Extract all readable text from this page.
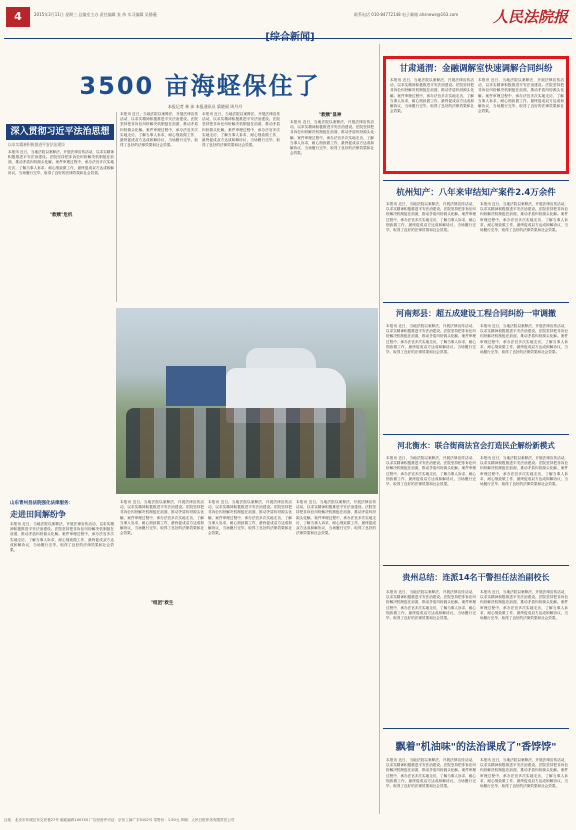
4	2015年3月11日 星期三 总编室主办 责任编辑 张 伟 实习编辑 吴静薇	联系电话 010-84772148 电子邮箱 ahsnews@163.com 人民法院报
3500 亩海蛏保住了
本报记者 林 沛 本报通讯员 梁晓丽 周丹丹
深入贯彻习近平法治思想
以求实精神积极推进平安法治建设
本报讯 近日，当地法院以案释法，开展法律宣传活动，以求实精神积极推进平安法治建设。法院坚持把非诉讼纠纷解决机制挺在前面，推动矛盾纠纷源头化解。案件审理过程中，承办法官多次实地走访，了解当事人诉求，耐心细致做工作，最终促成双方达成和解协议，当场履行完毕，取得了良好的法律效果和社会效果。
"救赎"危机
本报讯 近日，当地法院以案释法，开展法律宣传活动，以求实精神积极推进平安法治建设。法院坚持把非诉讼纠纷解决机制挺在前面，推动矛盾纠纷源头化解。案件审理过程中，承办法官多次实地走访，了解当事人诉求，耐心细致做工作，最终促成双方达成和解协议，当场履行完毕，取得了良好的法律效果和社会效果。
本报讯 近日，当地法院以案释法，开展法律宣传活动，以求实精神积极推进平安法治建设。法院坚持把非诉讼纠纷解决机制挺在前面，推动矛盾纠纷源头化解。案件审理过程中，承办法官多次实地走访，了解当事人诉求，耐心细致做工作，最终促成双方达成和解协议，当场履行完毕，取得了良好的法律效果和社会效果。
"救赎"显神
本报讯 近日，当地法院以案释法，开展法律宣传活动，以求实精神积极推进平安法治建设。法院坚持把非诉讼纠纷解决机制挺在前面，推动矛盾纠纷源头化解。案件审理过程中，承办法官多次实地走访，了解当事人诉求，耐心细致做工作，最终促成双方达成和解协议，当场履行完毕，取得了良好的法律效果和社会效果。
山东青州县法院强化法律服务：
走进田间解纷争
本报讯 近日，当地法院以案释法，开展法律宣传活动，以求实精神积极推进平安法治建设。法院坚持把非诉讼纠纷解决机制挺在前面，推动矛盾纠纷源头化解。案件审理过程中，承办法官多次实地走访，了解当事人诉求，耐心细致做工作，最终促成双方达成和解协议，当场履行完毕，取得了良好的法律效果和社会效果。
本报讯 近日，当地法院以案释法，开展法律宣传活动，以求实精神积极推进平安法治建设。法院坚持把非诉讼纠纷解决机制挺在前面，推动矛盾纠纷源头化解。案件审理过程中，承办法官多次实地走访，了解当事人诉求，耐心细致做工作，最终促成双方达成和解协议，当场履行完毕，取得了良好的法律效果和社会效果。
本报讯 近日，当地法院以案释法，开展法律宣传活动，以求实精神积极推进平安法治建设。法院坚持把非诉讼纠纷解决机制挺在前面，推动矛盾纠纷源头化解。案件审理过程中，承办法官多次实地走访，了解当事人诉求，耐心细致做工作，最终促成双方达成和解协议，当场履行完毕，取得了良好的法律效果和社会效果。
本报讯 近日，当地法院以案释法，开展法律宣传活动，以求实精神积极推进平安法治建设。法院坚持把非诉讼纠纷解决机制挺在前面，推动矛盾纠纷源头化解。案件审理过程中，承办法官多次实地走访，了解当事人诉求，耐心细致做工作，最终促成双方达成和解协议，当场履行完毕，取得了良好的法律效果和社会效果。
"组团"救生
甘肃通渭：金融调解室快速调解合同纠纷
本报讯 近日，当地法院以案释法，开展法律宣传活动，以求实精神积极推进平安法治建设。法院坚持把非诉讼纠纷解决机制挺在前面，推动矛盾纠纷源头化解。案件审理过程中，承办法官多次实地走访，了解当事人诉求，耐心细致做工作，最终促成双方达成和解协议，当场履行完毕，取得了良好的法律效果和社会效果。
本报讯 近日，当地法院以案释法，开展法律宣传活动，以求实精神积极推进平安法治建设。法院坚持把非诉讼纠纷解决机制挺在前面，推动矛盾纠纷源头化解。案件审理过程中，承办法官多次实地走访，了解当事人诉求，耐心细致做工作，最终促成双方达成和解协议，当场履行完毕，取得了良好的法律效果和社会效果。
杭州知产：八年来审结知产案件2.4万余件
本报讯 近日，当地法院以案释法，开展法律宣传活动，以求实精神积极推进平安法治建设。法院坚持把非诉讼纠纷解决机制挺在前面，推动矛盾纠纷源头化解。案件审理过程中，承办法官多次实地走访，了解当事人诉求，耐心细致做工作，最终促成双方达成和解协议，当场履行完毕，取得了良好的法律效果和社会效果。
本报讯 近日，当地法院以案释法，开展法律宣传活动，以求实精神积极推进平安法治建设。法院坚持把非诉讼纠纷解决机制挺在前面，推动矛盾纠纷源头化解。案件审理过程中，承办法官多次实地走访，了解当事人诉求，耐心细致做工作，最终促成双方达成和解协议，当场履行完毕，取得了良好的法律效果和社会效果。
河南郏县：超五成建设工程合同纠纷一审调撤
本报讯 近日，当地法院以案释法，开展法律宣传活动，以求实精神积极推进平安法治建设。法院坚持把非诉讼纠纷解决机制挺在前面，推动矛盾纠纷源头化解。案件审理过程中，承办法官多次实地走访，了解当事人诉求，耐心细致做工作，最终促成双方达成和解协议，当场履行完毕，取得了良好的法律效果和社会效果。
本报讯 近日，当地法院以案释法，开展法律宣传活动，以求实精神积极推进平安法治建设。法院坚持把非诉讼纠纷解决机制挺在前面，推动矛盾纠纷源头化解。案件审理过程中，承办法官多次实地走访，了解当事人诉求，耐心细致做工作，最终促成双方达成和解协议，当场履行完毕，取得了良好的法律效果和社会效果。
河北衡水：联合街商法官会打造民企解纷新模式
本报讯 近日，当地法院以案释法，开展法律宣传活动，以求实精神积极推进平安法治建设。法院坚持把非诉讼纠纷解决机制挺在前面，推动矛盾纠纷源头化解。案件审理过程中，承办法官多次实地走访，了解当事人诉求，耐心细致做工作，最终促成双方达成和解协议，当场履行完毕，取得了良好的法律效果和社会效果。
本报讯 近日，当地法院以案释法，开展法律宣传活动，以求实精神积极推进平安法治建设。法院坚持把非诉讼纠纷解决机制挺在前面，推动矛盾纠纷源头化解。案件审理过程中，承办法官多次实地走访，了解当事人诉求，耐心细致做工作，最终促成双方达成和解协议，当场履行完毕，取得了良好的法律效果和社会效果。
贵州总结：连派14名干警担任法治副校长
本报讯 近日，当地法院以案释法，开展法律宣传活动，以求实精神积极推进平安法治建设。法院坚持把非诉讼纠纷解决机制挺在前面，推动矛盾纠纷源头化解。案件审理过程中，承办法官多次实地走访，了解当事人诉求，耐心细致做工作，最终促成双方达成和解协议，当场履行完毕，取得了良好的法律效果和社会效果。
本报讯 近日，当地法院以案释法，开展法律宣传活动，以求实精神积极推进平安法治建设。法院坚持把非诉讼纠纷解决机制挺在前面，推动矛盾纠纷源头化解。案件审理过程中，承办法官多次实地走访，了解当事人诉求，耐心细致做工作，最终促成双方达成和解协议，当场履行完毕，取得了良好的法律效果和社会效果。
飘着"机油味"的法治课成了"香饽饽"
本报讯 近日，当地法院以案释法，开展法律宣传活动，以求实精神积极推进平安法治建设。法院坚持把非诉讼纠纷解决机制挺在前面，推动矛盾纠纷源头化解。案件审理过程中，承办法官多次实地走访，了解当事人诉求，耐心细致做工作，最终促成双方达成和解协议，当场履行完毕，取得了良好的法律效果和社会效果。
本报讯 近日，当地法院以案释法，开展法律宣传活动，以求实精神积极推进平安法治建设。法院坚持把非诉讼纠纷解决机制挺在前面，推动矛盾纠纷源头化解。案件审理过程中，承办法官多次实地走访，了解当事人诉求，耐心细致做工作，最终促成双方达成和解协议，当场履行完毕，取得了良好的法律效果和社会效果。
社址：北京市东城区东交民巷27号 邮政编码100745 广告经营许可证：京东工商广字0102号 零售价：1.50元 印刷：人民日报印务有限责任公司
